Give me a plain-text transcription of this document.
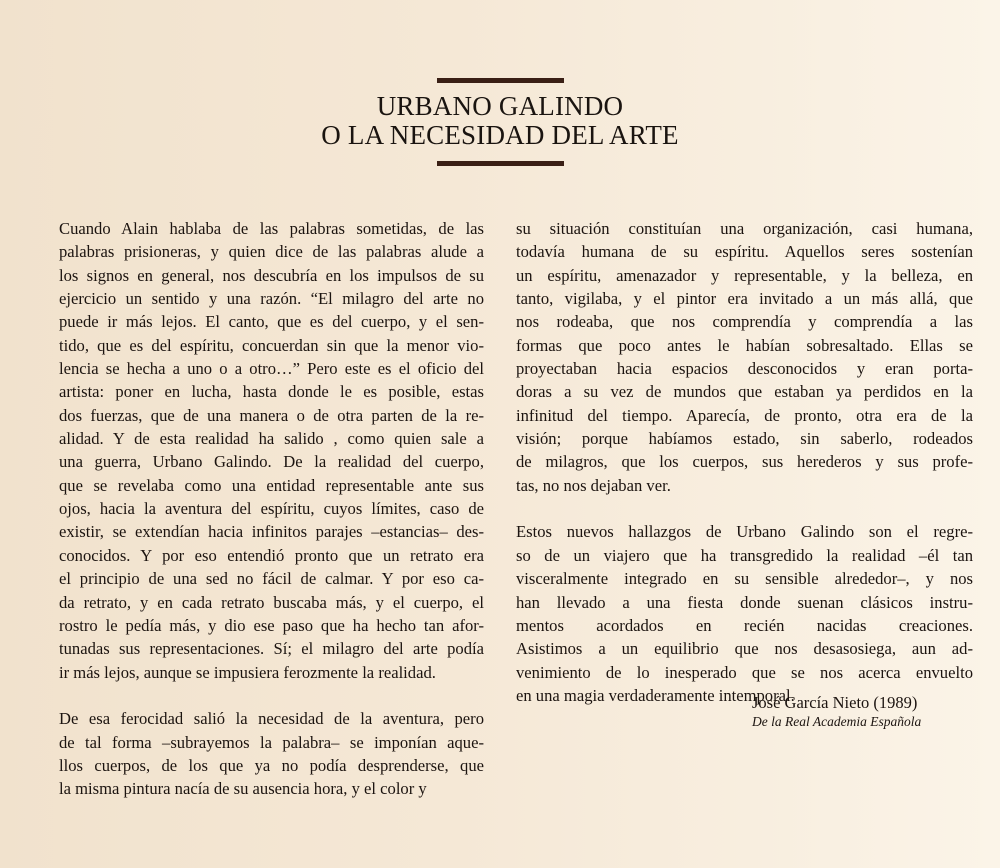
URBANO GALINDO
O LA NECESIDAD DEL ARTE

Cuando Alain hablaba de las palabras sometidas, de las
palabras prisioneras, y quien dice de las palabras alude a
los signos en general, nos descubría en los impulsos de su
ejercicio un sentido y una razón. “El milagro del arte no
puede ir más lejos. El canto, que es del cuerpo, y el sen-
tido, que es del espíritu, concuerdan sin que la menor vio-
lencia se hecha a uno o a otro…” Pero este es el oficio del
artista: poner en lucha, hasta donde le es posible, estas
dos fuerzas, que de una manera o de otra parten de la re-
alidad. Y de esta realidad ha salido , como quien sale a
una guerra, Urbano Galindo. De la realidad del cuerpo,
que se revelaba como una entidad representable ante sus
ojos, hacia la aventura del espíritu, cuyos límites, caso de
existir, se extendían hacia infinitos parajes –estancias– des-
conocidos. Y por eso entendió pronto que un retrato era
el principio de una sed no fácil de calmar. Y por eso ca-
da retrato, y en cada retrato buscaba más, y el cuerpo, el
rostro le pedía más, y dio ese paso que ha hecho tan afor-
tunadas sus representaciones. Sí; el milagro del arte podía
ir más lejos, aunque se impusiera ferozmente la realidad.

De esa ferocidad salió la necesidad de la aventura, pero
de tal forma –subrayemos la palabra– se imponían aque-
llos cuerpos, de los que ya no podía desprenderse, que
la misma pintura nacía de su ausencia hora, y el color y

su situación constituían una organización, casi humana,
todavía humana de su espíritu. Aquellos seres sostenían
un espíritu, amenazador y representable, y la belleza, en
tanto, vigilaba, y el pintor era invitado a un más allá, que
nos rodeaba, que nos comprendía y comprendía a las
formas que poco antes le habían sobresaltado. Ellas se
proyectaban hacia espacios desconocidos y eran porta-
doras a su vez de mundos que estaban ya perdidos en la
infinitud del tiempo. Aparecía, de pronto, otra era de la
visión; porque habíamos estado, sin saberlo, rodeados
de milagros, que los cuerpos, sus herederos y sus profe-
tas, no nos dejaban ver.

Estos nuevos hallazgos de Urbano Galindo son el regre-
so de un viajero que ha transgredido la realidad –él tan
visceralmente integrado en su sensible alrededor–, y nos
han llevado a una fiesta donde suenan clásicos instru-
mentos acordados en recién nacidas creaciones.
Asistimos a un equilibrio que nos desasosiega, aun ad-
venimiento de lo inesperado que se nos acerca envuelto
en una magia verdaderamente intemporal.

José García Nieto (1989)
De la Real Academia Española
